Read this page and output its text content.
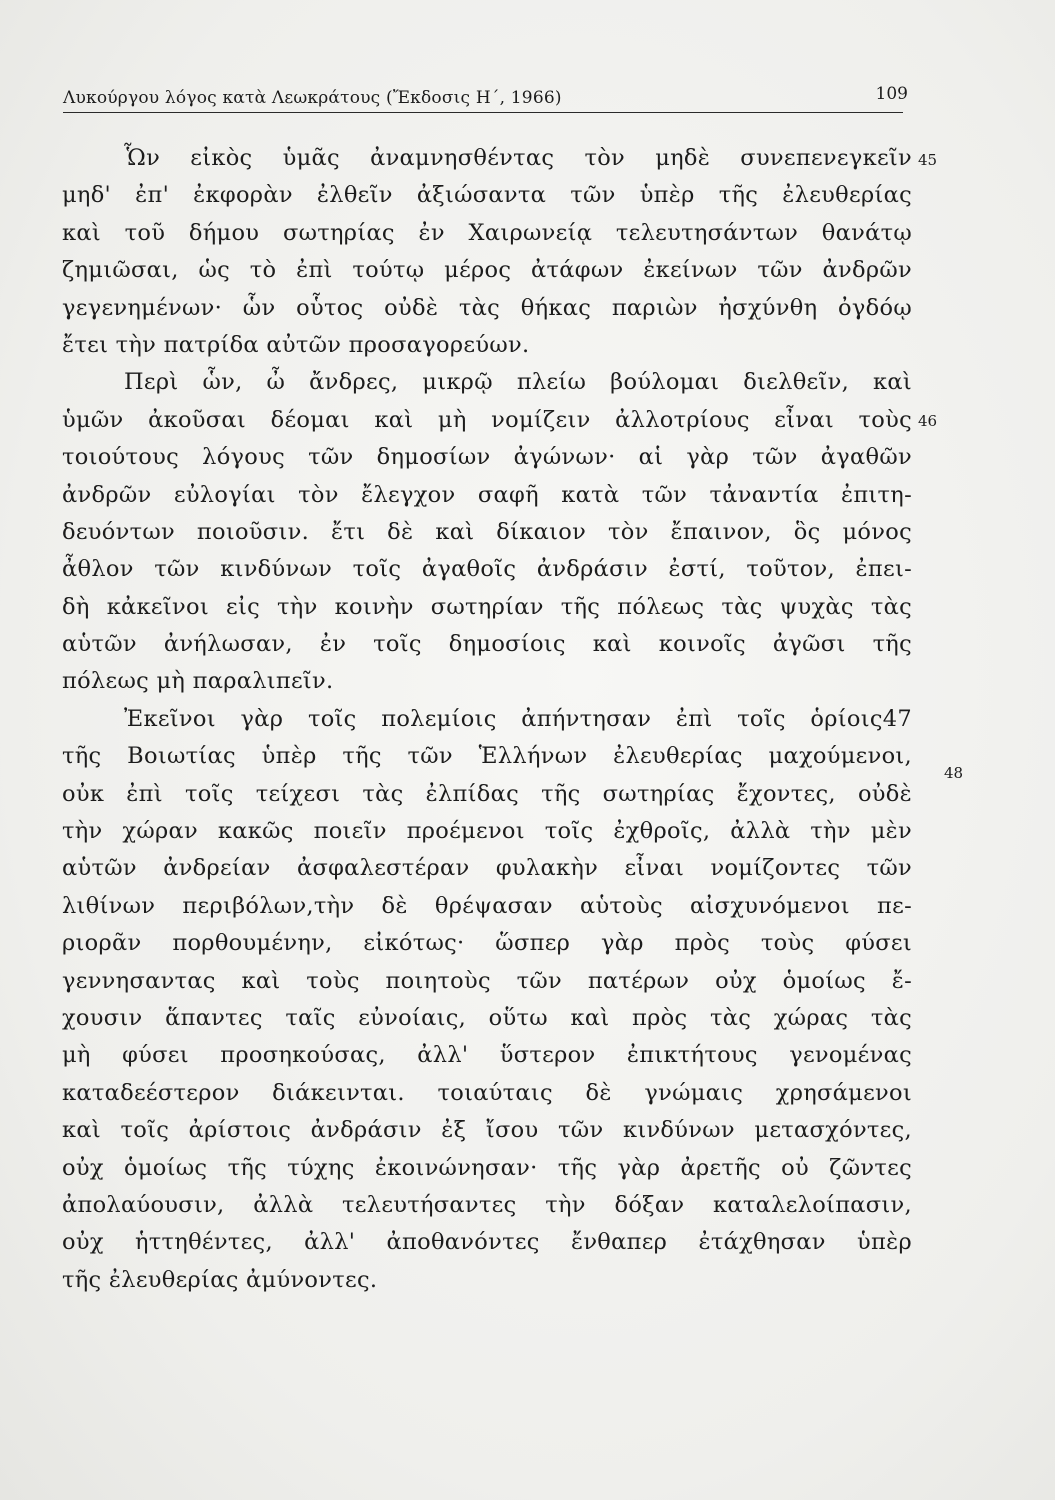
Λυκούργου λόγος κατὰ Λεωκράτους (Ἔκδοσις Η΄, 1966)	109
Ὧν εἰκὸς ὑμᾶς ἀναμνησθέντας τὸν μηδὲ συνεπενεγκεῖν
μηδ' ἐπ' ἐκφορὰν ἐλθεῖν ἀξιώσαντα τῶν ὑπὲρ τῆς ἐλευθερίας
καὶ τοῦ δήμου σωτηρίας ἐν Χαιρωνείᾳ τελευτησάντων θανάτῳ
ζημιῶσαι, ὡς τὸ ἐπὶ τούτῳ μέρος ἀτάφων ἐκείνων τῶν ἀνδρῶν
γεγενημένων· ὧν οὗτος οὐδὲ τὰς θήκας παριὼν ἠσχύνθη ὀγδόῳ
ἔτει τὴν πατρίδα αὐτῶν προσαγορεύων.
Περὶ ὧν, ὦ ἄνδρες, μικρῷ πλείω βούλομαι διελθεῖν, καὶ
ὑμῶν ἀκοῦσαι δέομαι καὶ μὴ νομίζειν ἀλλοτρίους εἶναι τοὺς
τοιούτους λόγους τῶν δημοσίων ἀγώνων· αἱ γὰρ τῶν ἀγαθῶν
ἀνδρῶν εὐλογίαι τὸν ἔλεγχον σαφῆ κατὰ τῶν τἀναντία ἐπιτη-
δευόντων ποιοῦσιν. ἔτι δὲ καὶ δίκαιον τὸν ἔπαινον, ὃς μόνος
ἆθλον τῶν κινδύνων τοῖς ἀγαθοῖς ἀνδράσιν ἐστί, τοῦτον, ἐπει-
δὴ κἀκεῖνοι εἰς τὴν κοινὴν σωτηρίαν τῆς πόλεως τὰς ψυχὰς τὰς
αὑτῶν ἀνήλωσαν, ἐν τοῖς δημοσίοις καὶ κοινοῖς ἀγῶσι τῆς
πόλεως μὴ παραλιπεῖν.
Ἐκεῖνοι γὰρ τοῖς πολεμίοις ἀπήντησαν ἐπὶ τοῖς ὁρίοις47
τῆς Βοιωτίας ὑπὲρ τῆς τῶν Ἑλλήνων ἐλευθερίας μαχούμενοι,
οὐκ ἐπὶ τοῖς τείχεσι τὰς ἐλπίδας τῆς σωτηρίας ἔχοντες, οὐδὲ
τὴν χώραν κακῶς ποιεῖν προέμενοι τοῖς ἐχθροῖς, ἀλλὰ τὴν μὲν
αὑτῶν ἀνδρείαν ἀσφαλεστέραν φυλακὴν εἶναι νομίζοντες τῶν
λιθίνων περιβόλων,τὴν δὲ θρέψασαν αὑτοὺς αἰσχυνόμενοι πε-
ριορᾶν πορθουμένην, εἰκότως· ὥσπερ γὰρ πρὸς τοὺς φύσει
γεννησαντας καὶ τοὺς ποιητοὺς τῶν πατέρων οὐχ ὁμοίως ἔ-
χουσιν ἅπαντες ταῖς εὐνοίαις, οὕτω καὶ πρὸς τὰς χώρας τὰς
μὴ φύσει προσηκούσας, ἀλλ' ὕστερον ἐπικτήτους γενομένας
καταδεέστερον διάκεινται. τοιαύταις δὲ γνώμαις χρησάμενοι
καὶ τοῖς ἀρίστοις ἀνδράσιν ἐξ ἴσου τῶν κινδύνων μετασχόντες,
οὐχ ὁμοίως τῆς τύχης ἐκοινώνησαν· τῆς γὰρ ἀρετῆς οὐ ζῶντες
ἀπολαύουσιν, ἀλλὰ τελευτήσαντες τὴν δόξαν καταλελοίπασιν,
οὐχ ἡττηθέντες, ἀλλ' ἀποθανόντες ἔνθαπερ ἐτάχθησαν ὑπὲρ
τῆς ἐλευθερίας ἀμύνοντες.
45
46
48
